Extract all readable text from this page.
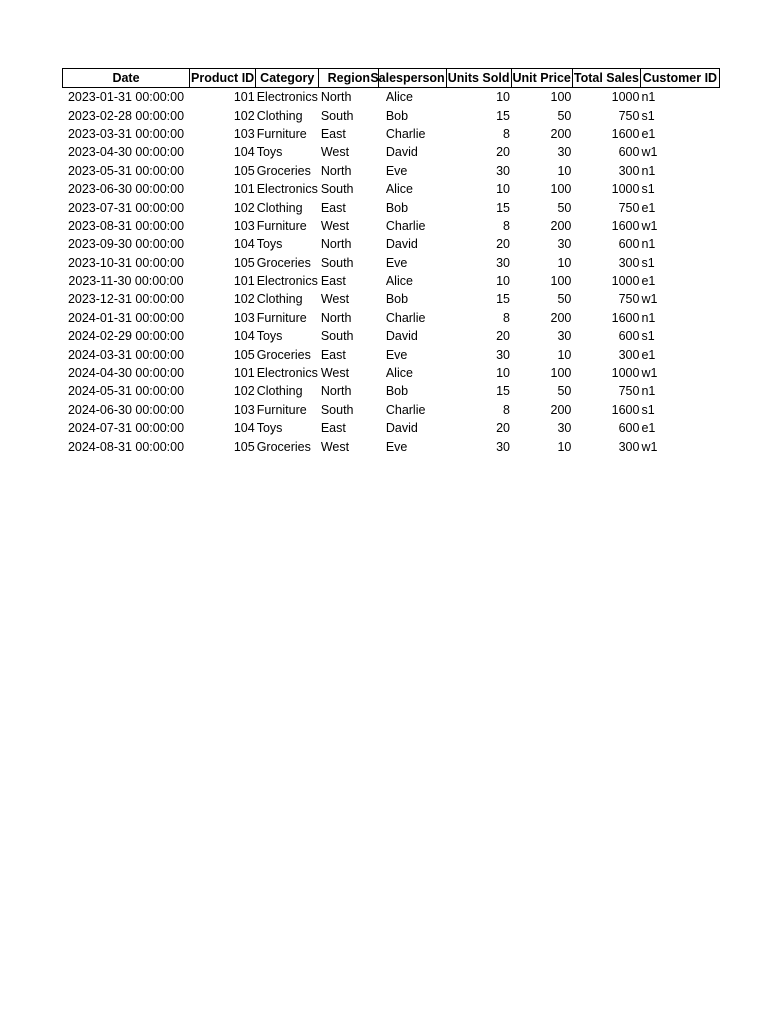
Date	Product ID	Category	Region	Salesperson	Units Sold	Unit Price	Total Sales	Customer ID
2023-01-31 00:00:00	101	Electronics	North	Alice	10	100	1000	n1
2023-02-28 00:00:00	102	Clothing	South	Bob	15	50	750	s1
2023-03-31 00:00:00	103	Furniture	East	Charlie	8	200	1600	e1
2023-04-30 00:00:00	104	Toys	West	David	20	30	600	w1
2023-05-31 00:00:00	105	Groceries	North	Eve	30	10	300	n1
2023-06-30 00:00:00	101	Electronics	South	Alice	10	100	1000	s1
2023-07-31 00:00:00	102	Clothing	East	Bob	15	50	750	e1
2023-08-31 00:00:00	103	Furniture	West	Charlie	8	200	1600	w1
2023-09-30 00:00:00	104	Toys	North	David	20	30	600	n1
2023-10-31 00:00:00	105	Groceries	South	Eve	30	10	300	s1
2023-11-30 00:00:00	101	Electronics	East	Alice	10	100	1000	e1
2023-12-31 00:00:00	102	Clothing	West	Bob	15	50	750	w1
2024-01-31 00:00:00	103	Furniture	North	Charlie	8	200	1600	n1
2024-02-29 00:00:00	104	Toys	South	David	20	30	600	s1
2024-03-31 00:00:00	105	Groceries	East	Eve	30	10	300	e1
2024-04-30 00:00:00	101	Electronics	West	Alice	10	100	1000	w1
2024-05-31 00:00:00	102	Clothing	North	Bob	15	50	750	n1
2024-06-30 00:00:00	103	Furniture	South	Charlie	8	200	1600	s1
2024-07-31 00:00:00	104	Toys	East	David	20	30	600	e1
2024-08-31 00:00:00	105	Groceries	West	Eve	30	10	300	w1
